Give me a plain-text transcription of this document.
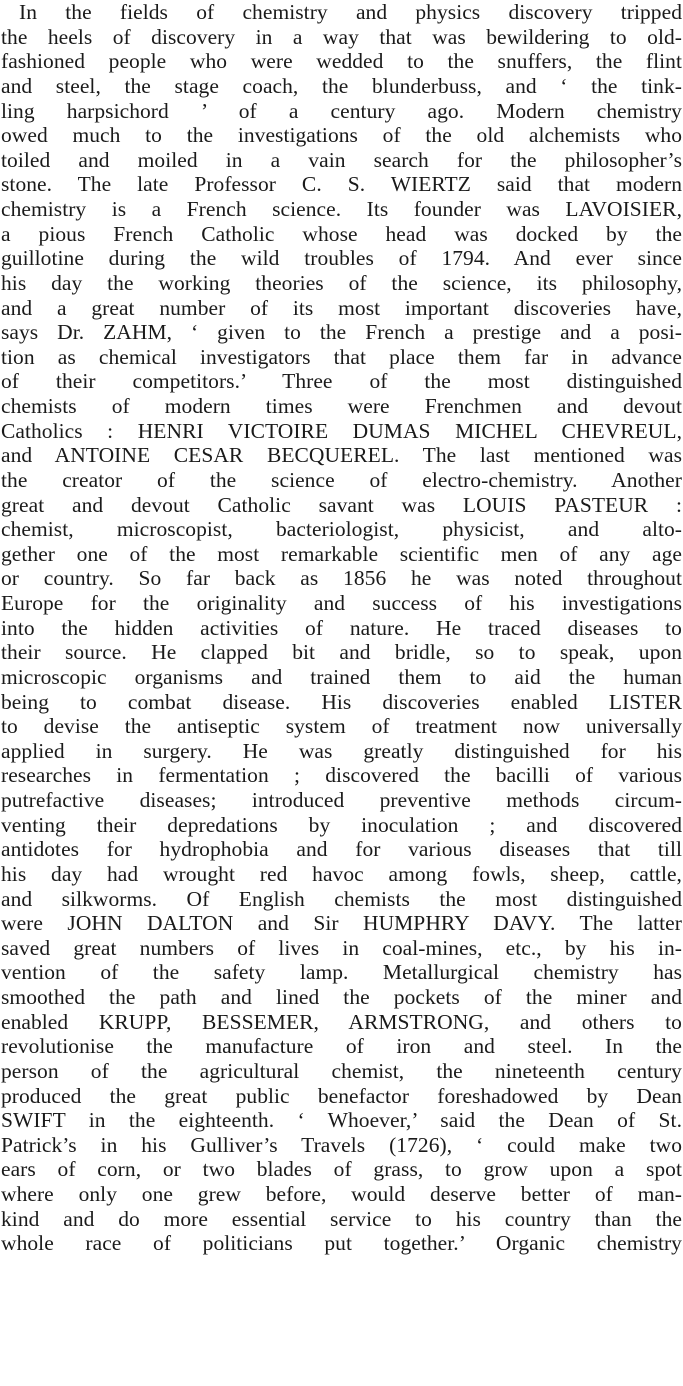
In the fields of chemistry and physics discovery tripped
the heels of discovery in a way that was bewildering to old-
fashioned people who were wedded to the snuffers, the flint
and steel, the stage coach, the blunderbuss, and ‘ the tink-
ling harpsichord ’ of a century ago. Modern chemistry
owed much to the investigations of the old alchemists who
toiled and moiled in a vain search for the philosopher’s
stone. The late Professor C. S. WIERTZ said that modern
chemistry is a French science. Its founder was LAVOISIER,
a pious French Catholic whose head was docked by the
guillotine during the wild troubles of 1794. And ever since
his day the working theories of the science, its philosophy,
and a great number of its most important discoveries have,
says Dr. ZAHM, ‘ given to the French a prestige and a posi-
tion as chemical investigators that place them far in advance
of their competitors.’ Three of the most distinguished
chemists of modern times were Frenchmen and devout
Catholics : HENRI VICTOIRE DUMAS MICHEL CHEVREUL,
and ANTOINE CESAR BECQUEREL. The last mentioned was
the creator of the science of electro-chemistry. Another
great and devout Catholic savant was LOUIS PASTEUR :
chemist, microscopist, bacteriologist, physicist, and alto-
gether one of the most remarkable scientific men of any age
or country. So far back as 1856 he was noted throughout
Europe for the originality and success of his investigations
into the hidden activities of nature. He traced diseases to
their source. He clapped bit and bridle, so to speak, upon
microscopic organisms and trained them to aid the human
being to combat disease. His discoveries enabled LISTER
to devise the antiseptic system of treatment now universally
applied in surgery. He was greatly distinguished for his
researches in fermentation ; discovered the bacilli of various
putrefactive diseases; introduced preventive methods circum-
venting their depredations by inoculation ; and discovered
antidotes for hydrophobia and for various diseases that till
his day had wrought red havoc among fowls, sheep, cattle,
and silkworms. Of English chemists the most distinguished
were JOHN DALTON and Sir HUMPHRY DAVY. The latter
saved great numbers of lives in coal-mines, etc., by his in-
vention of the safety lamp. Metallurgical chemistry has
smoothed the path and lined the pockets of the miner and
enabled KRUPP, BESSEMER, ARMSTRONG, and others to
revolutionise the manufacture of iron and steel. In the
person of the agricultural chemist, the nineteenth century
produced the great public benefactor foreshadowed by Dean
SWIFT in the eighteenth. ‘ Whoever,’ said the Dean of St.
Patrick’s in his Gulliver’s Travels (1726), ‘ could make two
ears of corn, or two blades of grass, to grow upon a spot
where only one grew before, would deserve better of man-
kind and do more essential service to his country than the
whole race of politicians put together.’ Organic chemistry
